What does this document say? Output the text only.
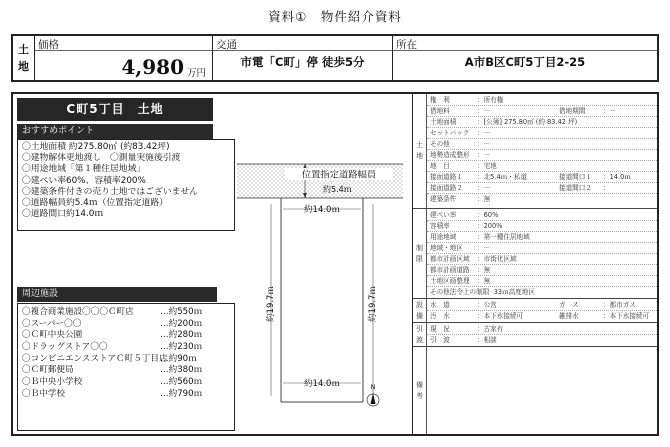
資料①　物件紹介資料
土地
価格
4,980 万円
交通
市電「C町」停 徒歩5分
所在
A市B区C町5丁目2-25
C町5丁目　土地
おすすめポイント
〇土地面積 約275.80㎡ (約83.42坪)
〇建物解体更地渡し　〇測量実施後引渡
〇用途地域「第１種住居地域」
〇建ぺい率60%、容積率200%
〇建築条件付きの売り土地ではございません
〇道路幅員約5.4ｍ（位置指定道路）
〇道路間口約14.0ｍ
周辺施設
〇複合商業施設〇〇〇Ｃ町店	…約550ｍ
〇スーパー〇〇	…約200ｍ
〇Ｃ町中央公園	…約280ｍ
〇ドラッグストア〇〇	…約230ｍ
〇コンビニエンスストアＣ町５丁目店
…約90ｍ
〇Ｃ町郵便局	…約380ｍ
〇Ｂ中央小学校	…約560ｍ
〇Ｂ中学校	…約790ｍ
位置指定道路幅員
約5.4ｍ
約14.0ｍ
約14.0ｍ
約19.7ｍ	約19.7ｍ
N
土地
権　利	：所有権
借地料	：－	借地期間	：－
土地面積	：[公簿] 275.80㎡ (約 83.42 坪)
セットバック ：－
その他	：－
地勢造成整形 ：－
地　目	：宅地
接面道路１ ：北5.4ｍ・私道	接道間口１ ：14.0ｍ
接面道路２ ：－	接道間口２ ：
建築条件	：無
制限
建ぺい率	：60%
容積率	：200%
用途地域	：第一種住居地域
地域・地区 ：－
都市計画区域 ：市街化区域
都市計画道路 ：無
土地区画整理 ：無
その他法令上の制限
：33ｍ高度地区
設備
水　道	：公営	ガ　ス	：都市ガス
汚　水	：本下水接続可	雑排水	：本下水接続可
引渡
現　況	：古家有
引　渡	：相談
備考
